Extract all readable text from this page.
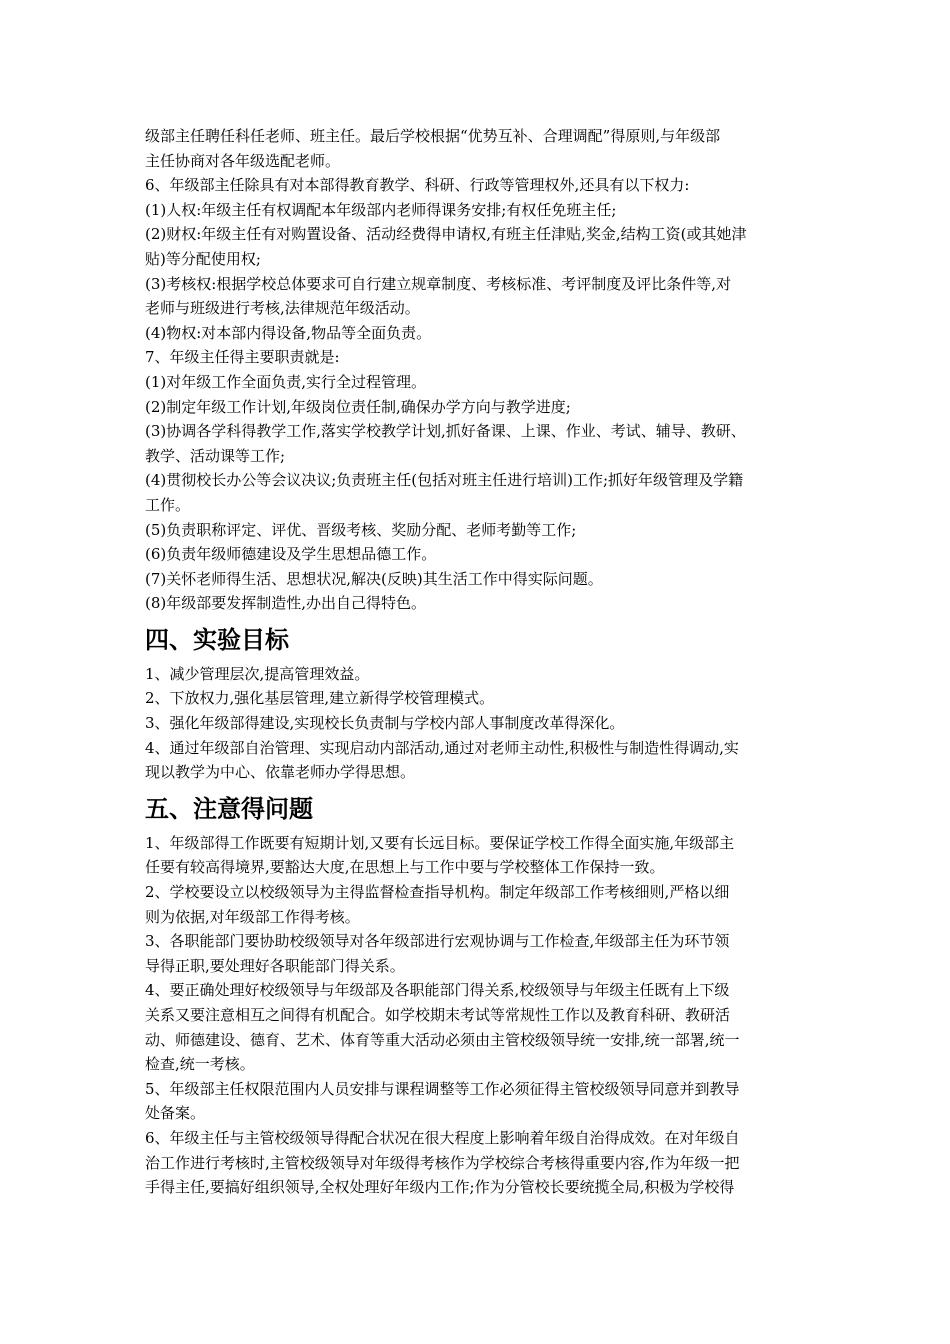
级部主任聘任科任老师、班主任。最后学校根据“优势互补、合理调配”得原则,与年级部

主任协商对各年级选配老师。

6、年级部主任除具有对本部得教育教学、科研、行政等管理权外,还具有以下权力:

(1)人权:年级主任有权调配本年级部内老师得课务安排;有权任免班主任;

(2)财权:年级主任有对购置设备、活动经费得申请权,有班主任津贴,奖金,结构工资(或其她津

贴)等分配使用权;

(3)考核权:根据学校总体要求可自行建立规章制度、考核标准、考评制度及评比条件等,对

老师与班级进行考核,法律规范年级活动。

(4)物权:对本部内得设备,物品等全面负责。

7、年级主任得主要职责就是:

(1)对年级工作全面负责,实行全过程管理。

(2)制定年级工作计划,年级岗位责任制,确保办学方向与教学进度;

(3)协调各学科得教学工作,落实学校教学计划,抓好备课、上课、作业、考试、辅导、教研、

教学、活动课等工作;

(4)贯彻校长办公等会议决议;负责班主任(包括对班主任进行培训)工作;抓好年级管理及学籍

工作。

(5)负责职称评定、评优、晋级考核、奖励分配、老师考勤等工作;

(6)负责年级师德建设及学生思想品德工作。

(7)关怀老师得生活、思想状况,解决(反映)其生活工作中得实际问题。

(8)年级部要发挥制造性,办出自己得特色。

四、实验目标

1、减少管理层次,提高管理效益。

2、下放权力,强化基层管理,建立新得学校管理模式。

3、强化年级部得建设,实现校长负责制与学校内部人事制度改革得深化。

4、通过年级部自治管理、实现启动内部活动,通过对老师主动性,积极性与制造性得调动,实

现以教学为中心、依靠老师办学得思想。

五、注意得问题

1、年级部得工作既要有短期计划,又要有长远目标。要保证学校工作得全面实施,年级部主

任要有较高得境界,要豁达大度,在思想上与工作中要与学校整体工作保持一致。

2、学校要设立以校级领导为主得监督检查指导机构。制定年级部工作考核细则,严格以细

则为依据,对年级部工作得考核。

3、各职能部门要协助校级领导对各年级部进行宏观协调与工作检查,年级部主任为环节领

导得正职,要处理好各职能部门得关系。

4、要正确处理好校级领导与年级部及各职能部门得关系,校级领导与年级主任既有上下级

关系又要注意相互之间得有机配合。如学校期末考试等常规性工作以及教育科研、教研活

动、师德建设、德育、艺术、体育等重大活动必须由主管校级领导统一安排,统一部署,统一

检查,统一考核。

5、年级部主任权限范围内人员安排与课程调整等工作必须征得主管校级领导同意并到教导

处备案。

6、年级主任与主管校级领导得配合状况在很大程度上影响着年级自治得成效。在对年级自

治工作进行考核时,主管校级领导对年级得考核作为学校综合考核得重要内容,作为年级一把

手得主任,要搞好组织领导,全权处理好年级内工作;作为分管校长要统揽全局,积极为学校得
